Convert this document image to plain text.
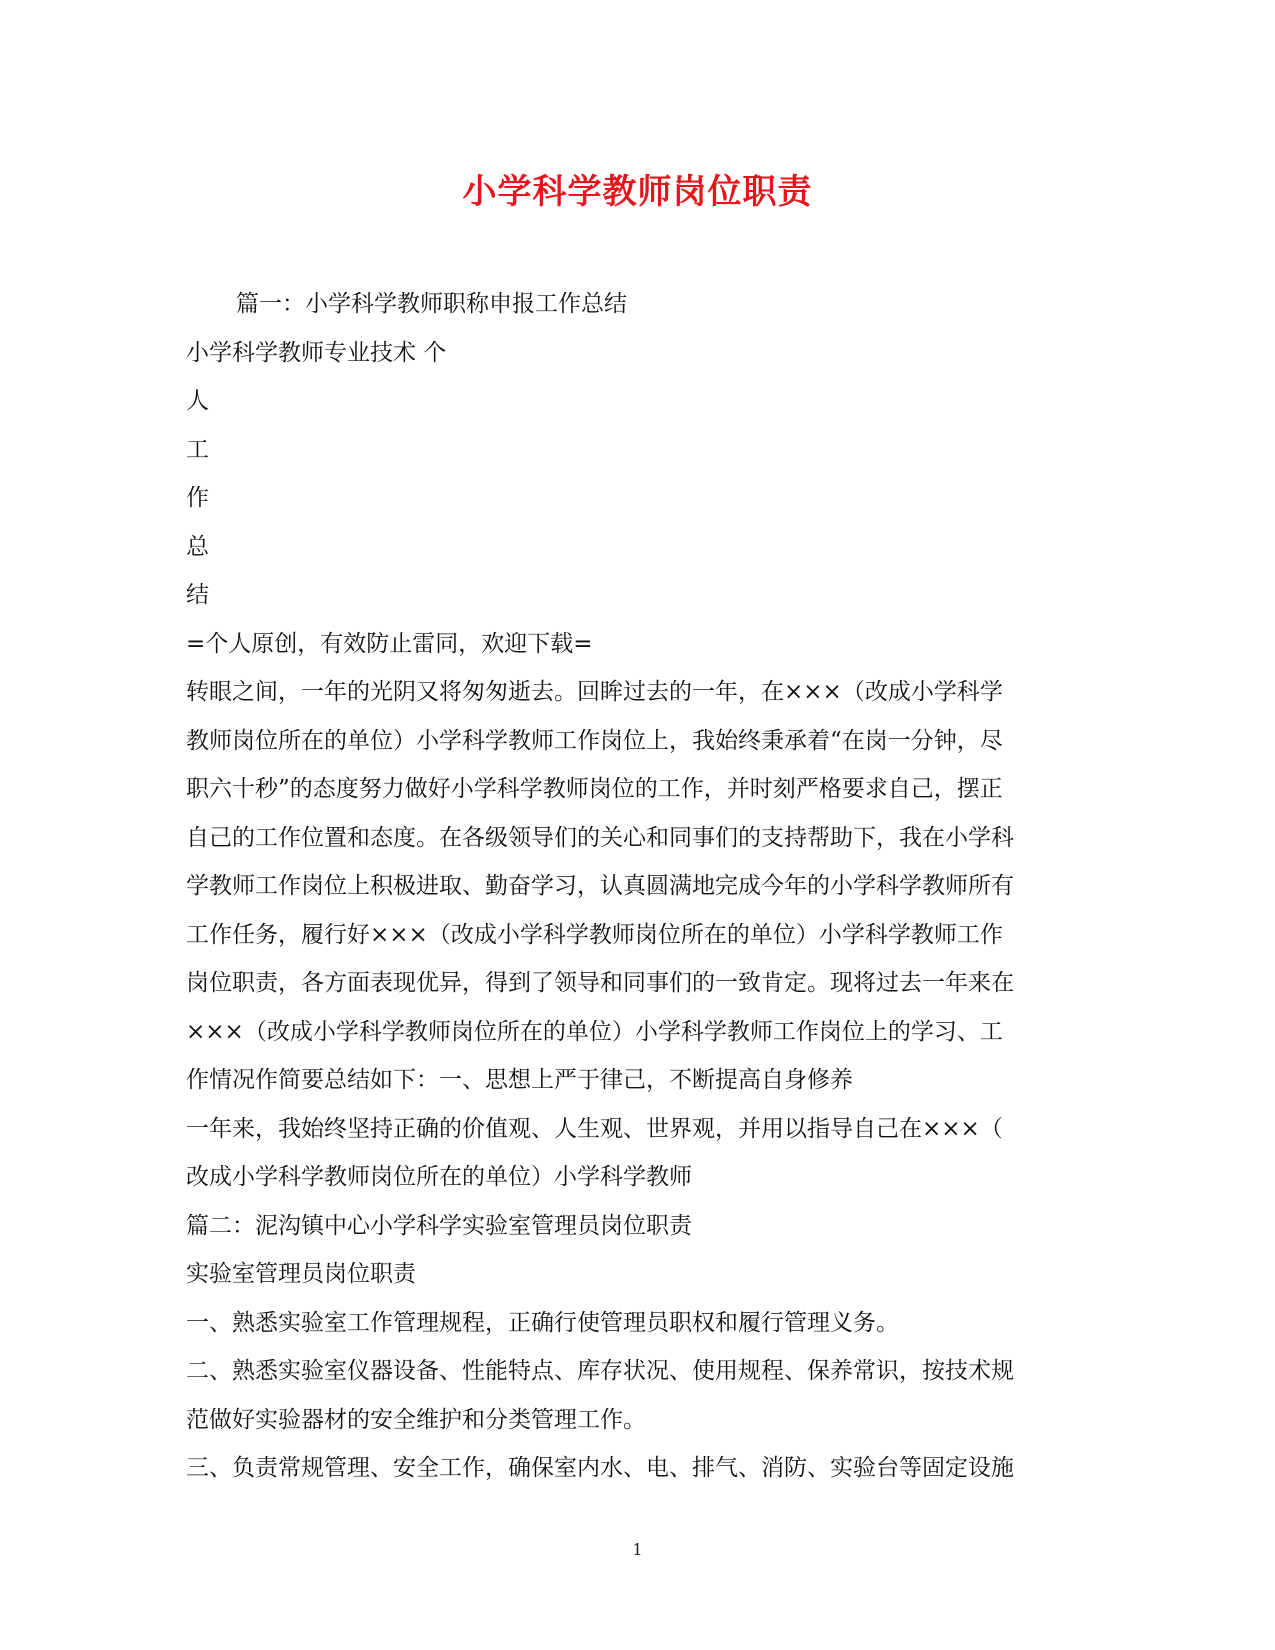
小学科学教师岗位职责
篇一：小学科学教师职称申报工作总结
小学科学教师专业技术 个
人
工
作
总
结
=个人原创，有效防止雷同，欢迎下载=
转眼之间，一年的光阴又将匆匆逝去。回眸过去的一年，在×××（改成小学科学
教师岗位所在的单位）小学科学教师工作岗位上，我始终秉承着“在岗一分钟，尽
职六十秒”的态度努力做好小学科学教师岗位的工作，并时刻严格要求自己，摆正
自己的工作位置和态度。在各级领导们的关心和同事们的支持帮助下，我在小学科
学教师工作岗位上积极进取、勤奋学习，认真圆满地完成今年的小学科学教师所有
工作任务，履行好×××（改成小学科学教师岗位所在的单位）小学科学教师工作
岗位职责，各方面表现优异，得到了领导和同事们的一致肯定。现将过去一年来在
×××（改成小学科学教师岗位所在的单位）小学科学教师工作岗位上的学习、工
作情况作简要总结如下：一、思想上严于律己，不断提高自身修养
一年来，我始终坚持正确的价值观、人生观、世界观，并用以指导自己在×××（
改成小学科学教师岗位所在的单位）小学科学教师
篇二：泥沟镇中心小学科学实验室管理员岗位职责
实验室管理员岗位职责
一、熟悉实验室工作管理规程，正确行使管理员职权和履行管理义务。
二、熟悉实验室仪器设备、性能特点、库存状况、使用规程、保养常识，按技术规
范做好实验器材的安全维护和分类管理工作。
三、负责常规管理、安全工作，确保室内水、电、排气、消防、实验台等固定设施
1
